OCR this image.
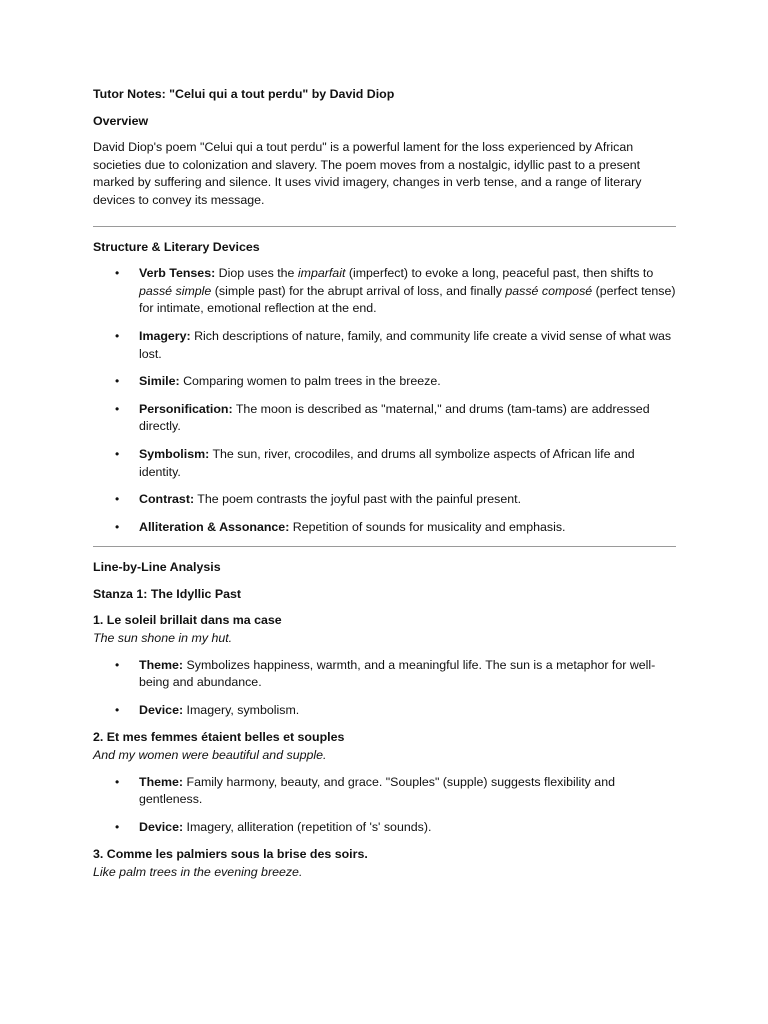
Tutor Notes: "Celui qui a tout perdu" by David Diop

Overview

David Diop's poem "Celui qui a tout perdu" is a powerful lament for the loss experienced by African societies due to colonization and slavery. The poem moves from a nostalgic, idyllic past to a present marked by suffering and silence. It uses vivid imagery, changes in verb tense, and a range of literary devices to convey its message.

Structure & Literary Devices

• Verb Tenses: Diop uses the imparfait (imperfect) to evoke a long, peaceful past, then shifts to passé simple (simple past) for the abrupt arrival of loss, and finally passé composé (perfect tense) for intimate, emotional reflection at the end.
• Imagery: Rich descriptions of nature, family, and community life create a vivid sense of what was lost.
• Simile: Comparing women to palm trees in the breeze.
• Personification: The moon is described as "maternal," and drums (tam-tams) are addressed directly.
• Symbolism: The sun, river, crocodiles, and drums all symbolize aspects of African life and identity.
• Contrast: The poem contrasts the joyful past with the painful present.
• Alliteration & Assonance: Repetition of sounds for musicality and emphasis.

Line-by-Line Analysis

Stanza 1: The Idyllic Past

1. Le soleil brillait dans ma case

The sun shone in my hut.

• Theme: Symbolizes happiness, warmth, and a meaningful life. The sun is a metaphor for well-being and abundance.
• Device: Imagery, symbolism.

2. Et mes femmes étaient belles et souples

And my women were beautiful and supple.

• Theme: Family harmony, beauty, and grace. "Souples" (supple) suggests flexibility and gentleness.
• Device: Imagery, alliteration (repetition of 's' sounds).

3. Comme les palmiers sous la brise des soirs.

Like palm trees in the evening breeze.
